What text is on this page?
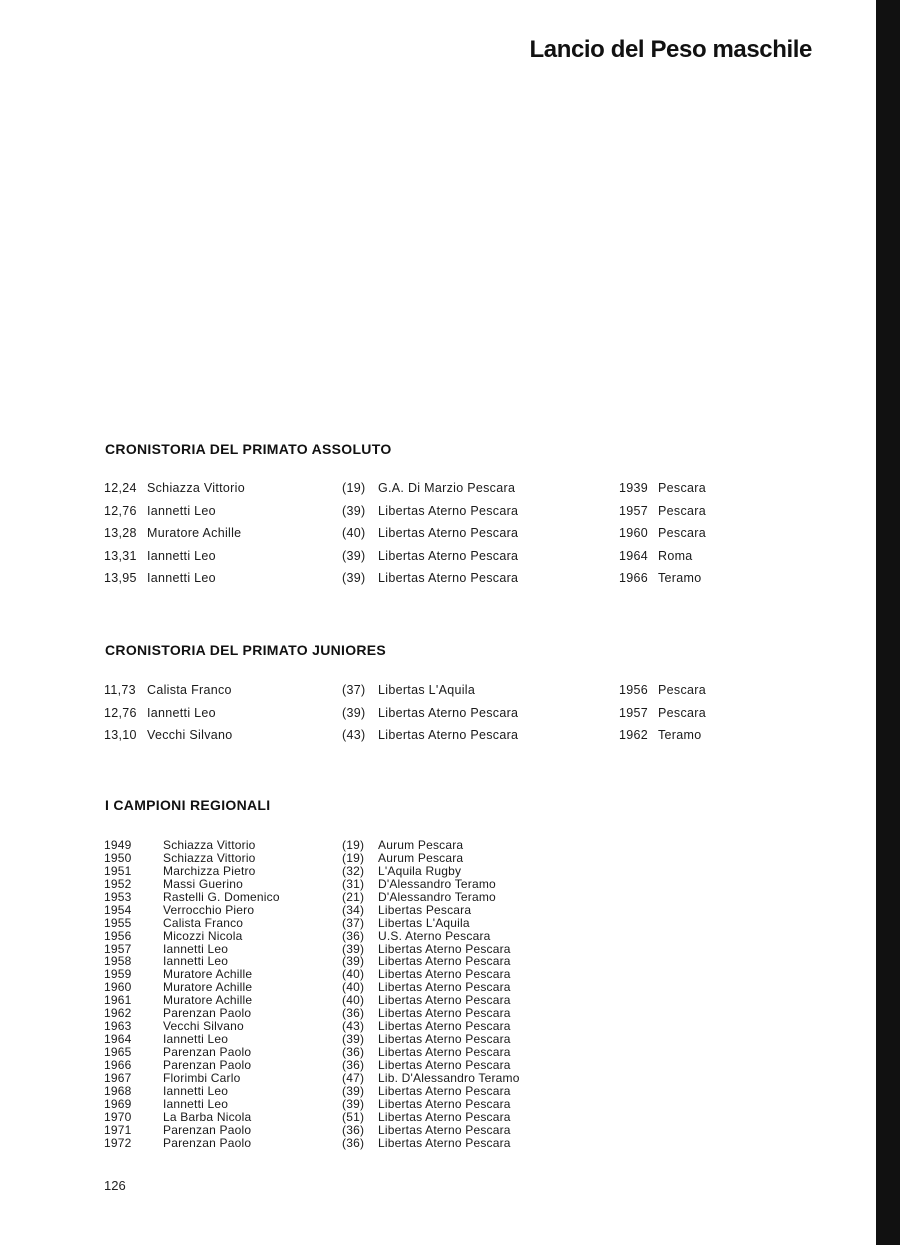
Lancio del Peso maschile
CRONISTORIA DEL PRIMATO ASSOLUTO
12,24 Schiazza Vittorio	(19) G.A. Di Marzio Pescara	1939 Pescara
12,76 Iannetti Leo	(39) Libertas Aterno Pescara	1957 Pescara
13,28 Muratore Achille	(40) Libertas Aterno Pescara	1960 Pescara
13,31 Iannetti Leo	(39) Libertas Aterno Pescara	1964 Roma
13,95 Iannetti Leo	(39) Libertas Aterno Pescara	1966 Teramo
CRONISTORIA DEL PRIMATO JUNIORES
11,73 Calista Franco	(37) Libertas L'Aquila	1956 Pescara
12,76 Iannetti Leo	(39) Libertas Aterno Pescara	1957 Pescara
13,10 Vecchi Silvano	(43) Libertas Aterno Pescara	1962 Teramo
I CAMPIONI REGIONALI
1949	Schiazza Vittorio	(19) Aurum Pescara
1950	Schiazza Vittorio	(19) Aurum Pescara
1951	Marchizza Pietro	(32) L'Aquila Rugby
1952	Massi Guerino	(31) D'Alessandro Teramo
1953	Rastelli G. Domenico	(21) D'Alessandro Teramo
1954	Verrocchio Piero	(34) Libertas Pescara
1955	Calista Franco	(37) Libertas L'Aquila
1956	Micozzi Nicola	(36) U.S. Aterno Pescara
1957	Iannetti Leo	(39) Libertas Aterno Pescara
1958	Iannetti Leo	(39) Libertas Aterno Pescara
1959	Muratore Achille	(40) Libertas Aterno Pescara
1960	Muratore Achille	(40) Libertas Aterno Pescara
1961	Muratore Achille	(40) Libertas Aterno Pescara
1962	Parenzan Paolo	(36) Libertas Aterno Pescara
1963	Vecchi Silvano	(43) Libertas Aterno Pescara
1964	Iannetti Leo	(39) Libertas Aterno Pescara
1965	Parenzan Paolo	(36) Libertas Aterno Pescara
1966	Parenzan Paolo	(36) Libertas Aterno Pescara
1967	Florimbi Carlo	(47) Lib. D'Alessandro Teramo
1968	Iannetti Leo	(39) Libertas Aterno Pescara
1969	Iannetti Leo	(39) Libertas Aterno Pescara
1970	La Barba Nicola	(51) Libertas Aterno Pescara
1971	Parenzan Paolo	(36) Libertas Aterno Pescara
1972	Parenzan Paolo	(36) Libertas Aterno Pescara

126
